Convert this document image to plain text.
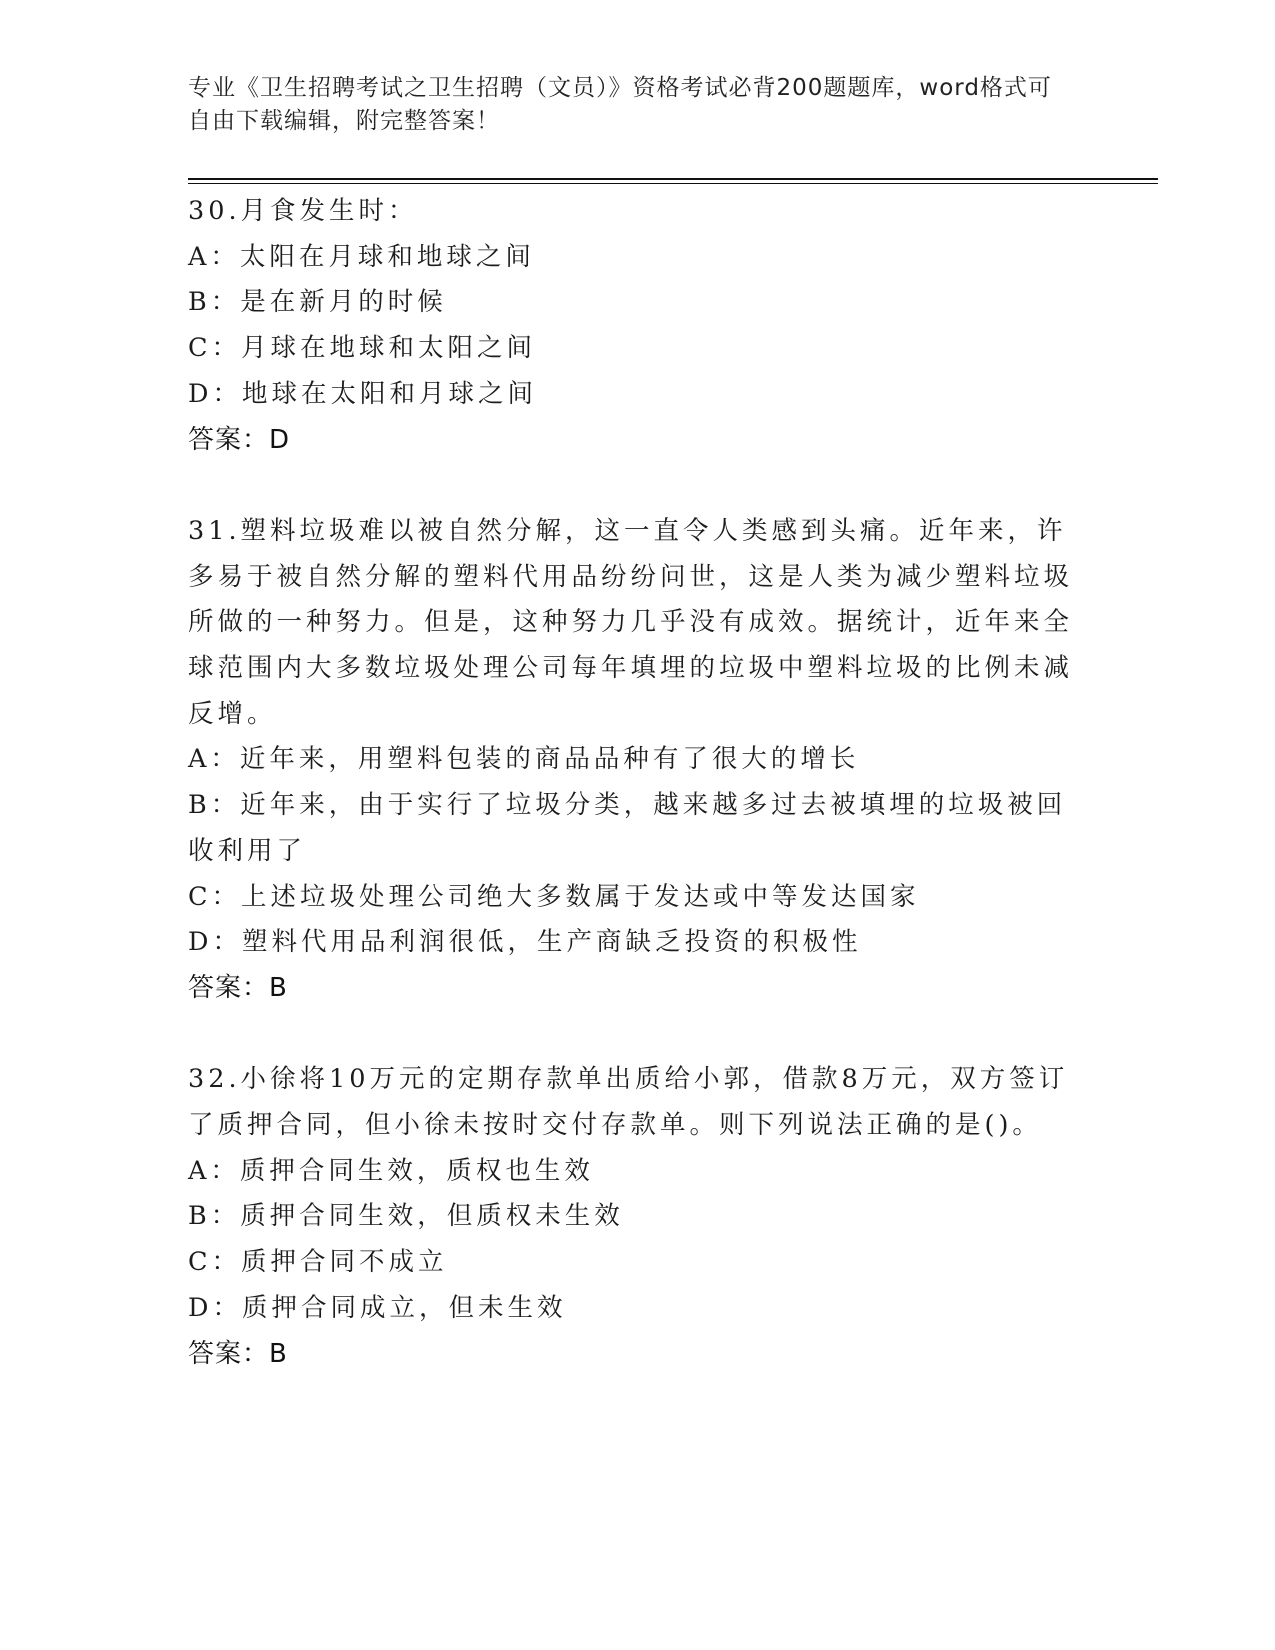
专业《卫生招聘考试之卫生招聘（文员）》资格考试必背200题题库，word格式可自由下载编辑，附完整答案！

30.月食发生时：

A：太阳在月球和地球之间

B：是在新月的时候

C：月球在地球和太阳之间

D：地球在太阳和月球之间

答案：D

31.塑料垃圾难以被自然分解，这一直令人类感到头痛。近年来，许多易于被自然分解的塑料代用品纷纷问世，这是人类为减少塑料垃圾所做的一种努力。但是，这种努力几乎没有成效。据统计，近年来全球范围内大多数垃圾处理公司每年填埋的垃圾中塑料垃圾的比例未减反增。

A：近年来，用塑料包装的商品品种有了很大的增长

B：近年来，由于实行了垃圾分类，越来越多过去被填埋的垃圾被回收利用了

C：上述垃圾处理公司绝大多数属于发达或中等发达国家

D：塑料代用品利润很低，生产商缺乏投资的积极性

答案：B

32.小徐将10万元的定期存款单出质给小郭，借款8万元，双方签订了质押合同，但小徐未按时交付存款单。则下列说法正确的是()。

A：质押合同生效，质权也生效

B：质押合同生效，但质权未生效

C：质押合同不成立

D：质押合同成立，但未生效

答案：B
